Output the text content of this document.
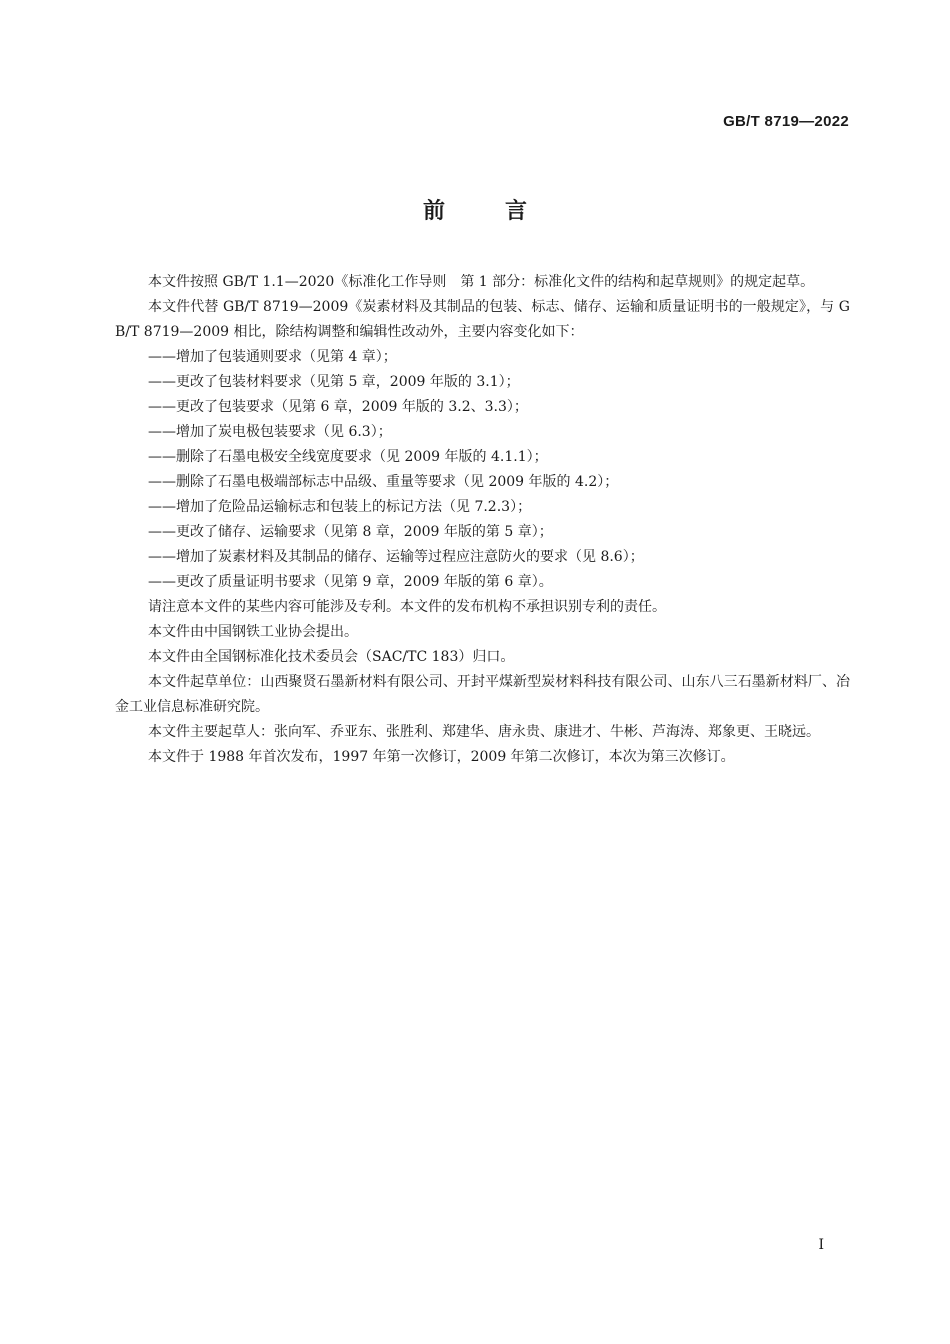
GB/T 8719—2022
前言

本文件按照 GB/T 1.1—2020《标准化工作导则　第 1 部分：标准化文件的结构和起草规则》的规定起草。

本文件代替 GB/T 8719—2009《炭素材料及其制品的包装、标志、储存、运输和质量证明书的一般规定》，与 GB/T 8719—2009 相比，除结构调整和编辑性改动外，主要内容变化如下：

——增加了包装通则要求（见第 4 章）；

——更改了包装材料要求（见第 5 章，2009 年版的 3.1）；

——更改了包装要求（见第 6 章，2009 年版的 3.2、3.3）；

——增加了炭电极包装要求（见 6.3）；

——删除了石墨电极安全线宽度要求（见 2009 年版的 4.1.1）；

——删除了石墨电极端部标志中品级、重量等要求（见 2009 年版的 4.2）；

——增加了危险品运输标志和包装上的标记方法（见 7.2.3）；

——更改了储存、运输要求（见第 8 章，2009 年版的第 5 章）；

——增加了炭素材料及其制品的储存、运输等过程应注意防火的要求（见 8.6）；

——更改了质量证明书要求（见第 9 章，2009 年版的第 6 章）。

请注意本文件的某些内容可能涉及专利。本文件的发布机构不承担识别专利的责任。

本文件由中国钢铁工业协会提出。

本文件由全国钢标准化技术委员会（SAC/TC 183）归口。

本文件起草单位：山西聚贤石墨新材料有限公司、开封平煤新型炭材料科技有限公司、山东八三石墨新材料厂、冶金工业信息标准研究院。

本文件主要起草人：张向军、乔亚东、张胜利、郑建华、唐永贵、康进才、牛彬、芦海涛、郑象更、王晓远。

本文件于 1988 年首次发布，1997 年第一次修订，2009 年第二次修订，本次为第三次修订。

I
